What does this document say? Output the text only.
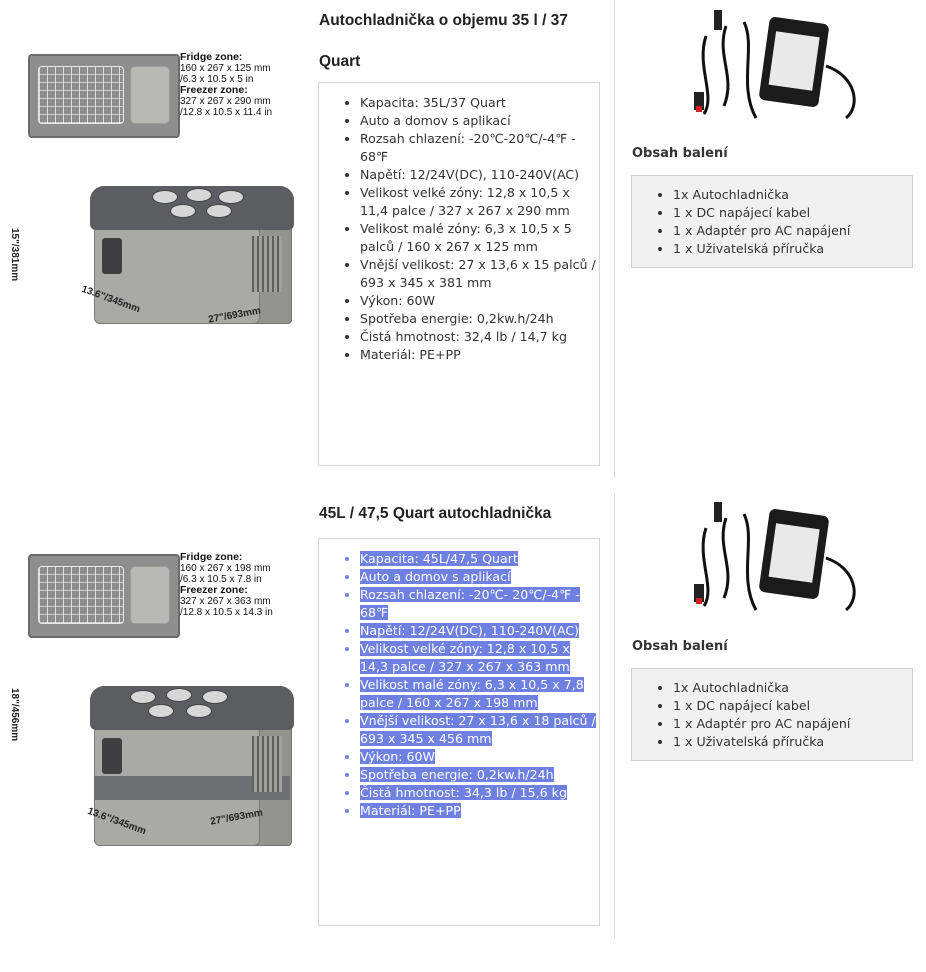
Fridge zone:
160 x 267 x 125 mm
/6.3 x 10.5 x 5 in
Freezer zone:
327 x 267 x 290 mm
/12.8 x 10.5 x 11.4 in
15"/381mm
13.6"/345mm
27"/693mm
Autochladnička o objemu 35 l / 37 Quart
• Kapacita: 35L/37 Quart
• Auto a domov s aplikací
• Rozsah chlazení: -20℃-20℃/-4℉ - 68℉
• Napětí: 12/24V(DC), 110-240V(AC)
• Velikost velké zóny: 12,8 x 10,5 x 11,4 palce / 327 x 267 x 290 mm
• Velikost malé zóny: 6,3 x 10,5 x 5 palců / 160 x 267 x 125 mm
• Vnější velikost: 27 x 13,6 x 15 palců / 693 x 345 x 381 mm
• Výkon: 60W
• Spotřeba energie: 0,2kw.h/24h
• Čistá hmotnost: 32,4 lb / 14,7 kg
• Materiál: PE+PP
Obsah balení
• 1x Autochladnička
• 1 x DC napájecí kabel
• 1 x Adaptér pro AC napájení
• 1 x Uživatelská příručka
Fridge zone:
160 x 267 x 198 mm
/6.3 x 10.5 x 7.8 in
Freezer zone:
327 x 267 x 363 mm
/12.8 x 10.5 x 14.3 in
18"/456mm
13.6"/345mm	27"/693mm
45L / 47,5 Quart autochladnička
• Kapacita: 45L/47,5 Quart
• Auto a domov s aplikací
• Rozsah chlazení: -20℃- 20℃/-4℉ - 68℉
• Napětí: 12/24V(DC), 110-240V(AC)
• Velikost velké zóny: 12,8 x 10,5 x 14,3 palce / 327 x 267 x 363 mm
• Velikost malé zóny: 6,3 x 10,5 x 7,8 palce / 160 x 267 x 198 mm
• Vnější velikost: 27 x 13,6 x 18 palců / 693 x 345 x 456 mm
• Výkon: 60W
• Spotřeba energie: 0,2kw.h/24h
• Čistá hmotnost: 34,3 lb / 15,6 kg
• Materiál: PE+PP
Obsah balení
• 1x Autochladnička
• 1 x DC napájecí kabel
• 1 x Adaptér pro AC napájení
• 1 x Uživatelská příručka
